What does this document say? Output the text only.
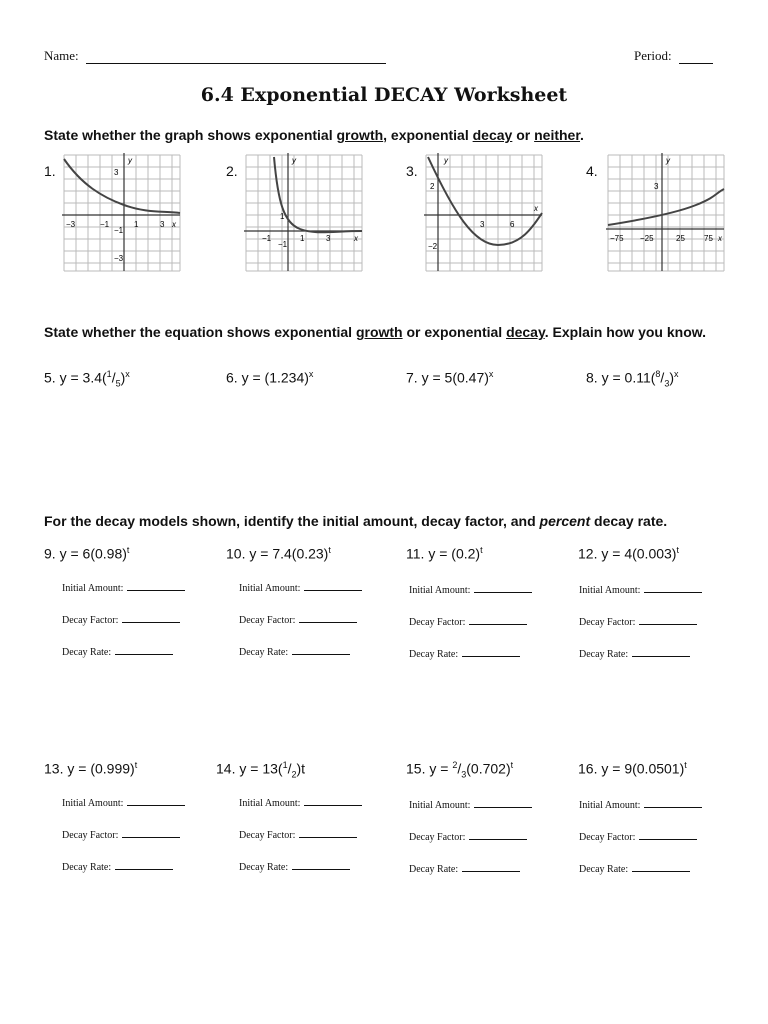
Name:	Period:
6.4 Exponential DECAY Worksheet
State whether the graph shows exponential growth, exponential decay or neither.
1.
−3	−1	1	3 x
y
3
−1
−3
2.
−1	1	3	x
y
1
−1
3.
3	6
x
y
2
−2
4.
−75 −25	25 75 x
y
3
State whether the equation shows exponential growth or exponential decay. Explain how you know.
5. $y = 3.4(^1/_5)^x$	6. $y = (1.234)^x$	7. $y = 5(0.47)^x$	8. $y = 0.11(^8/_3)^x$
For the decay models shown, identify the initial amount, decay factor, and percent decay rate.
9. $y = 6(0.98)^t$	10. $y = 7.4(0.23)^t$	11. $y = (0.2)^t$	12. $y = 4(0.003)^t$
Initial Amount:
Decay Factor:
Decay Rate:
Initial Amount:
Decay Factor:
Decay Rate:
Initial Amount:
Decay Factor:
Decay Rate:
Initial Amount:
Decay Factor:
Decay Rate:
13. $y = (0.999)^t$	14. $y = 13(^1/_2)t$	15. $y = ^2/_3(0.702)^t$	16. $y = 9(0.0501)^t$
Initial Amount:
Decay Factor:
Decay Rate:
Initial Amount:
Decay Factor:
Decay Rate:
Initial Amount:
Decay Factor:
Decay Rate:
Initial Amount:
Decay Factor:
Decay Rate:
